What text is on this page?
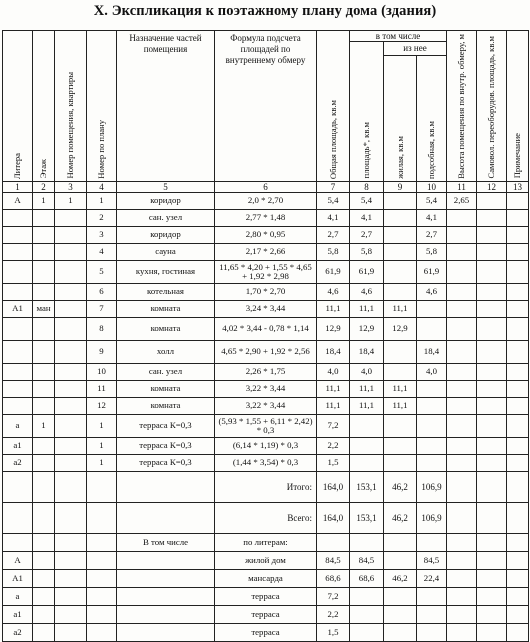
X. Экспликация к поэтажному плану дома (здания)
Литера	Этаж	Номер помещения, квартиры	Номер по плану	Назначение частей помещения	Формула подсчета площадей по внутреннему обмеру	Общая площадь, кв.м	в том числе			Высота помещения по внутр. обмеру, м	Самовол. переоборудов. площадь, кв.м	Примечание

							площадь*, кв.м	из нее				

								жилая, кв.м	подсобная, кв.м			

1	2	3	4	5	6	7	8	9	10	11	12	13
А	1	1	1	коридор	2,0 * 2,70	5,4	5,4		5,4	2,65		
			2	сан. узел	2,77 * 1,48	4,1	4,1		4,1			
			3	коридор	2,80 * 0,95	2,7	2,7		2,7			
			4	сауна	2,17 * 2,66	5,8	5,8		5,8			
			5	кухня, гостиная	11,65 * 4,20 + 1,55 * 4,65 + 1,92 * 2,98	61,9	61,9		61,9			
			6	котельная	1,70 * 2,70	4,6	4,6		4,6			
А1	ман		7	комната	3,24 * 3,44	11,1	11,1	11,1				
			8	комната	4,02 * 3,44 - 0,78 * 1,14	12,9	12,9	12,9				
			9	холл	4,65 * 2,90 + 1,92 * 2,56	18,4	18,4		18,4			
			10	сан. узел	2,26 * 1,75	4,0	4,0		4,0			
			11	комната	3,22 * 3,44	11,1	11,1	11,1				
			12	комната	3,22 * 3,44	11,1	11,1	11,1				
а	1		1	терраса К=0,3	(5,93 * 1,55 + 6,11 * 2,42) * 0,3	7,2						
а1			1	терраса К=0,3	(6,14 * 1,19) * 0,3	2,2						
а2			1	терраса К=0,3	(1,44 * 3,54) * 0,3	1,5						
					Итого:	164,0	153,1	46,2	106,9			
					Всего:	164,0	153,1	46,2	106,9			
				В том числе	по литерам:							
А					жилой дом	84,5	84,5		84,5			
А1					мансарда	68,6	68,6	46,2	22,4			
а					терраса	7,2						
а1					терраса	2,2						
а2					терраса	1,5						
